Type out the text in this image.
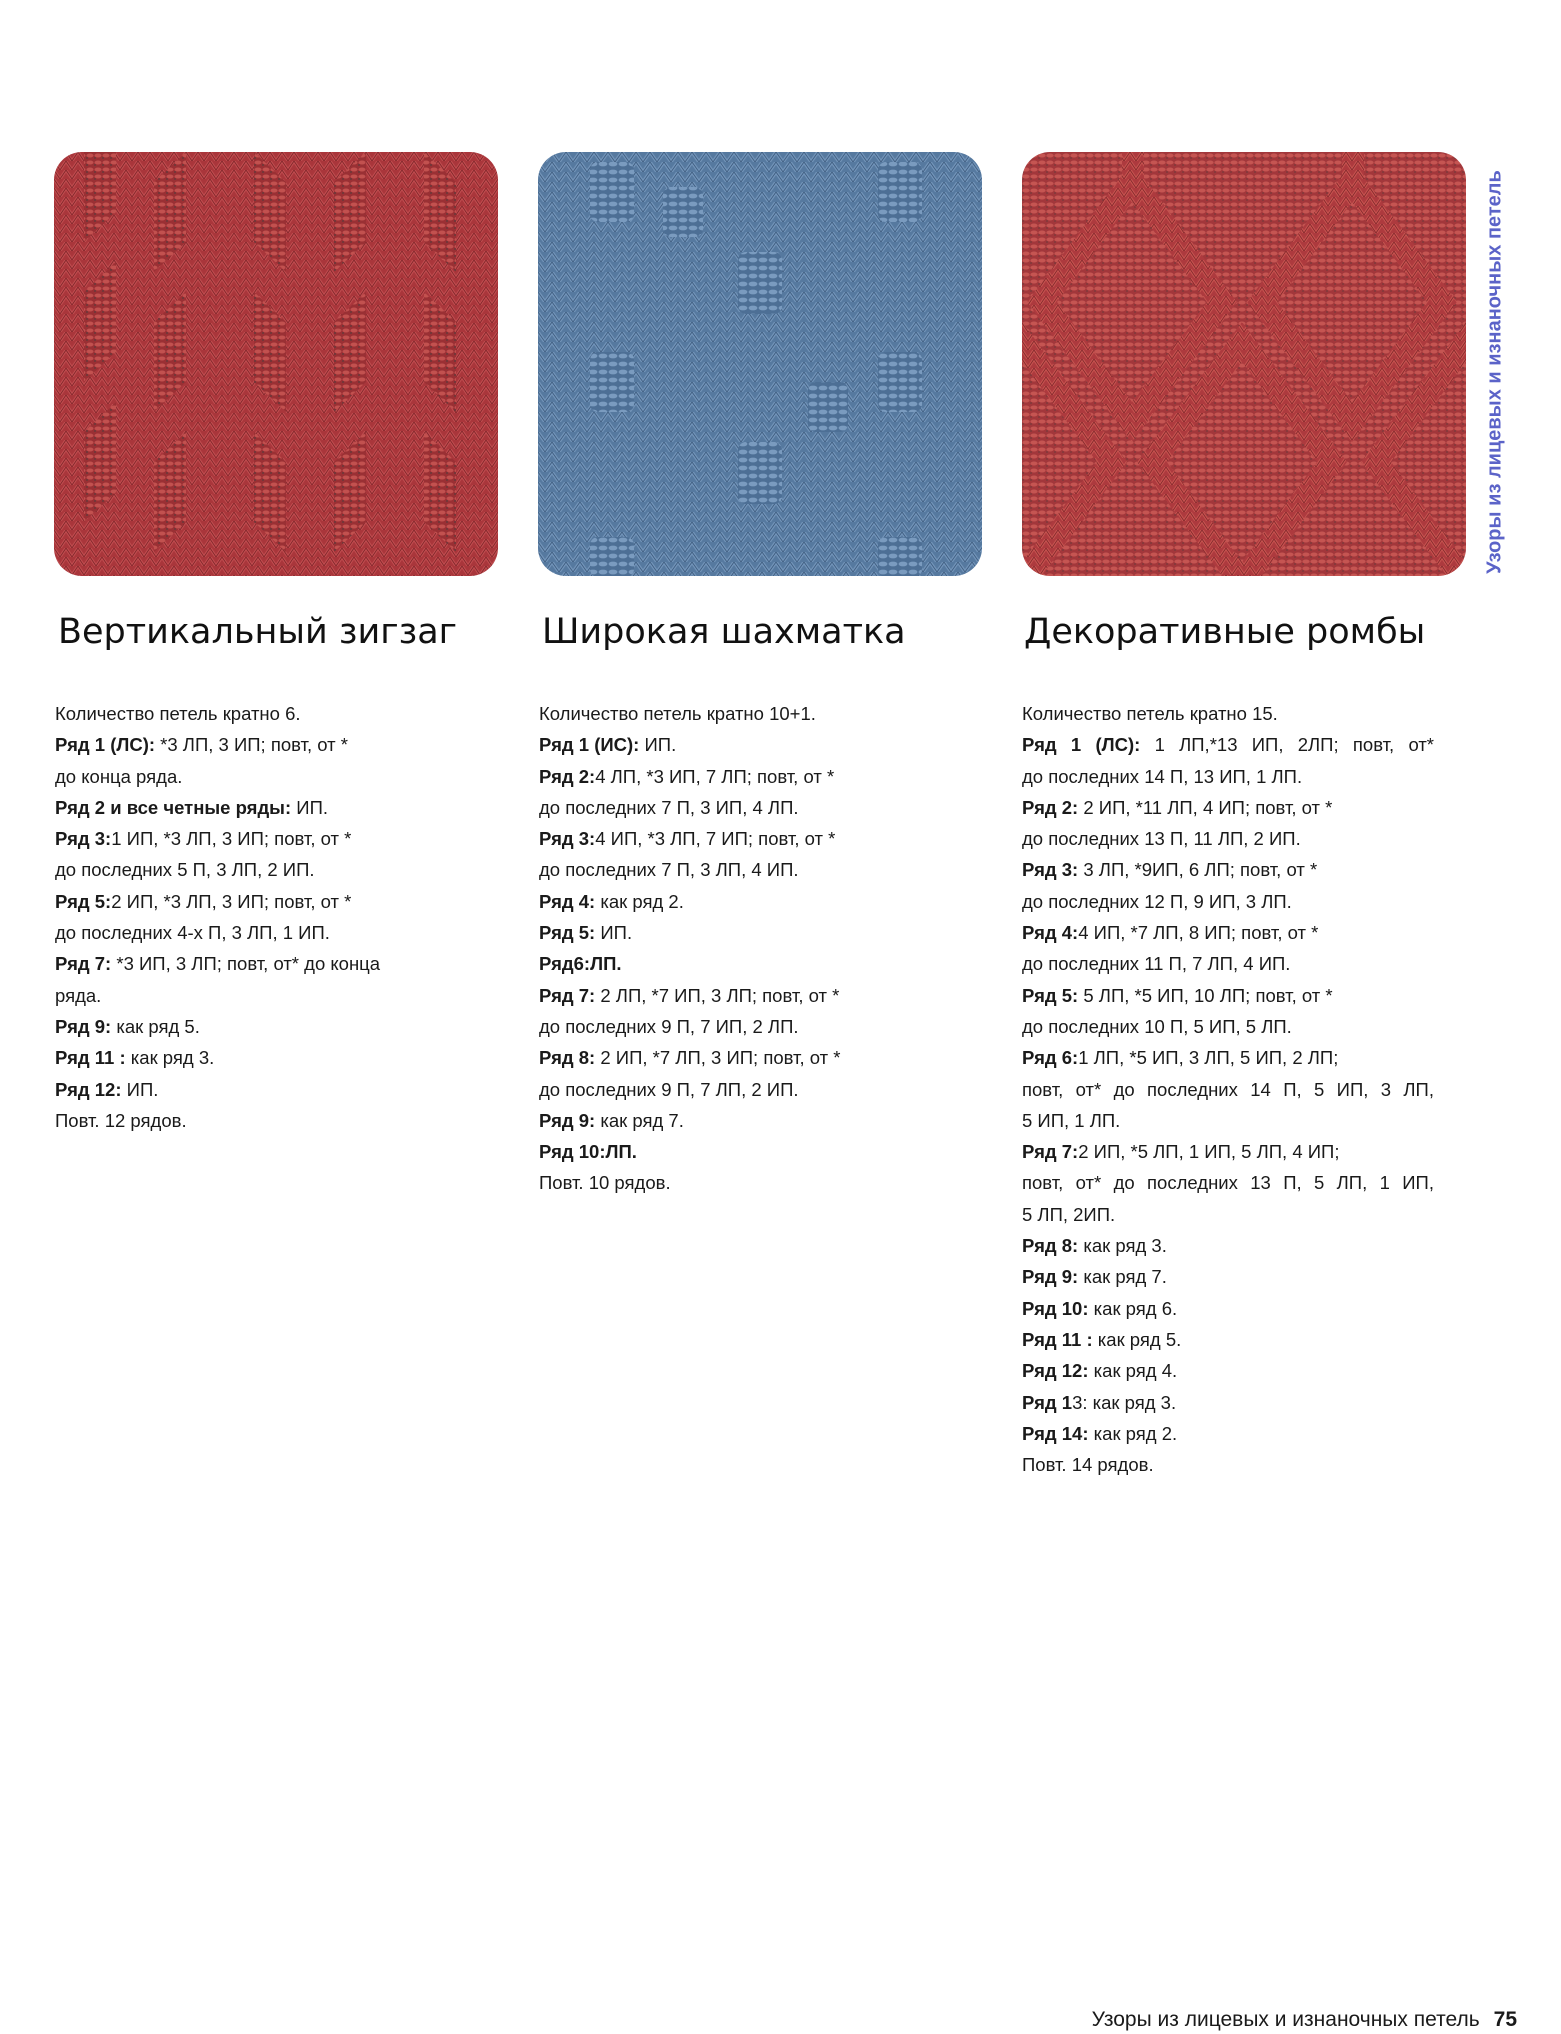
Узоры из лицевых и изнаночных петель
Вертикальный зигзаг Широкая шахматка	Декоративные ромбы
Количество петель кратно 6.
Ряд 1 (ЛС): *3 ЛП, 3 ИП; повт, от *
до конца ряда.
Ряд 2 и все четные ряды: ИП.
Ряд 3:1 ИП, *3 ЛП, 3 ИП; повт, от *
до последних 5 П, 3 ЛП, 2 ИП.
Ряд 5:2 ИП, *3 ЛП, 3 ИП; повт, от *
до последних 4-х П, 3 ЛП, 1 ИП.
Ряд 7: *3 ИП, 3 ЛП; повт, от* до конца
ряда.
Ряд 9: как ряд 5.
Ряд 11 : как ряд 3.
Ряд 12: ИП.
Повт. 12 рядов.
Количество петель кратно 10+1.
Ряд 1 (ИС): ИП.
Ряд 2:4 ЛП, *3 ИП, 7 ЛП; повт, от *
до последних 7 П, 3 ИП, 4 ЛП.
Ряд 3:4 ИП, *3 ЛП, 7 ИП; повт, от *
до последних 7 П, 3 ЛП, 4 ИП.
Ряд 4: как ряд 2.
Ряд 5: ИП.
Ряд6:ЛП.
Ряд 7: 2 ЛП, *7 ИП, 3 ЛП; повт, от *
до последних 9 П, 7 ИП, 2 ЛП.
Ряд 8: 2 ИП, *7 ЛП, 3 ИП; повт, от *
до последних 9 П, 7 ЛП, 2 ИП.
Ряд 9: как ряд 7.
Ряд 10:ЛП.
Повт. 10 рядов.
Количество петель кратно 15.
Ряд 1 (ЛС): 1 ЛП,*13 ИП, 2ЛП; повт, от*
до последних 14 П, 13 ИП, 1 ЛП.
Ряд 2: 2 ИП, *11 ЛП, 4 ИП; повт, от *
до последних 13 П, 11 ЛП, 2 ИП.
Ряд 3: 3 ЛП, *9ИП, 6 ЛП; повт, от *
до последних 12 П, 9 ИП, 3 ЛП.
Ряд 4:4 ИП, *7 ЛП, 8 ИП; повт, от *
до последних 11 П, 7 ЛП, 4 ИП.
Ряд 5: 5 ЛП, *5 ИП, 10 ЛП; повт, от *
до последних 10 П, 5 ИП, 5 ЛП.
Ряд 6:1 ЛП, *5 ИП, 3 ЛП, 5 ИП, 2 ЛП;
повт, от* до последних 14 П, 5 ИП, 3 ЛП,
5 ИП, 1 ЛП.
Ряд 7:2 ИП, *5 ЛП, 1 ИП, 5 ЛП, 4 ИП;
повт, от* до последних 13 П, 5 ЛП, 1 ИП,
5 ЛП, 2ИП.
Ряд 8: как ряд 3.
Ряд 9: как ряд 7.
Ряд 10: как ряд 6.
Ряд 11 : как ряд 5.
Ряд 12: как ряд 4.
Ряд 13: как ряд 3.
Ряд 14: как ряд 2.
Повт. 14 рядов.
Узоры из лицевых и изнаночных петель 75
